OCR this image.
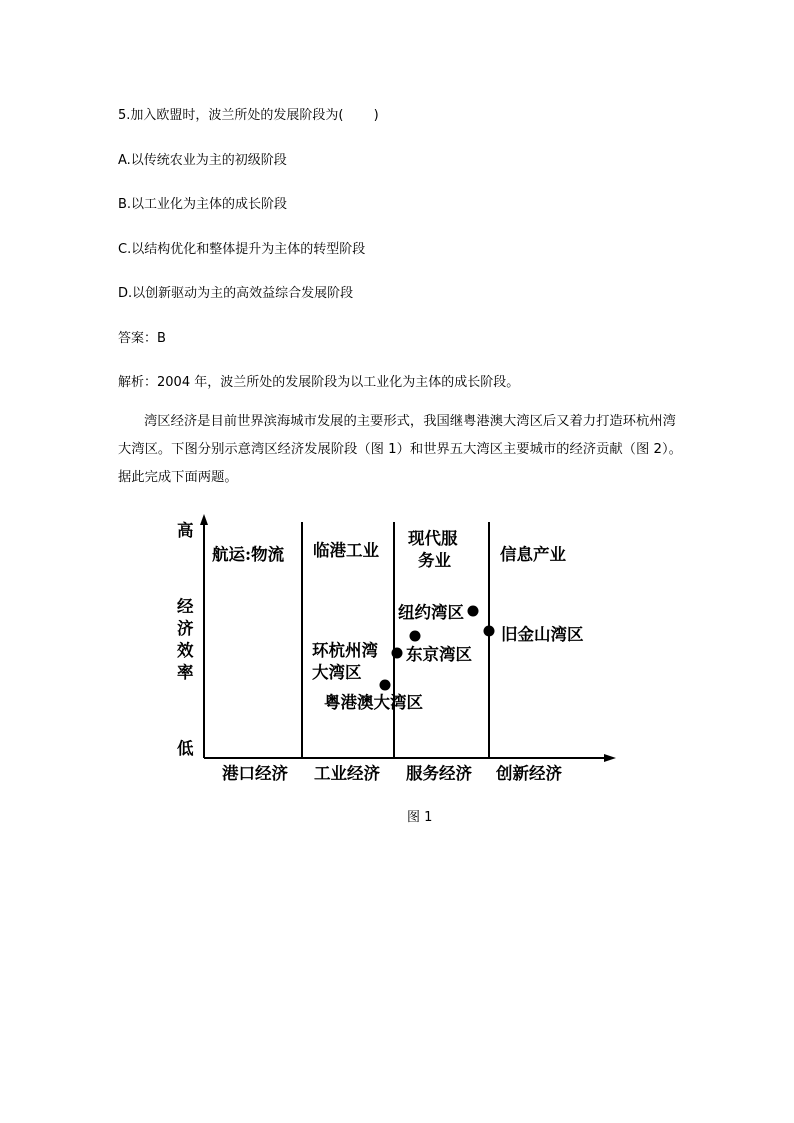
5.加入欧盟时，波兰所处的发展阶段为(　　 )
A.以传统农业为主的初级阶段
B.以工业化为主体的成长阶段
C.以结构优化和整体提升为主体的转型阶段
D.以创新驱动为主的高效益综合发展阶段
答案：B
解析：2004 年，波兰所处的发展阶段为以工业化为主体的成长阶段。
湾区经济是目前世界滨海城市发展的主要形式，我国继粤港澳大湾区后又着力打造环杭州湾大湾区。下图分别示意湾区经济发展阶段（图 1）和世界五大湾区主要城市的经济贡献（图 2）。据此完成下面两题。
高
低
经
济
效
率
航运:物流 临港工业
现代服
务业	信息产业
港口经济 工业经济 服务经济 创新经济
纽约湾区
旧金山湾区
东京湾区
环杭州湾
大湾区
粤港澳大湾区
图 1
